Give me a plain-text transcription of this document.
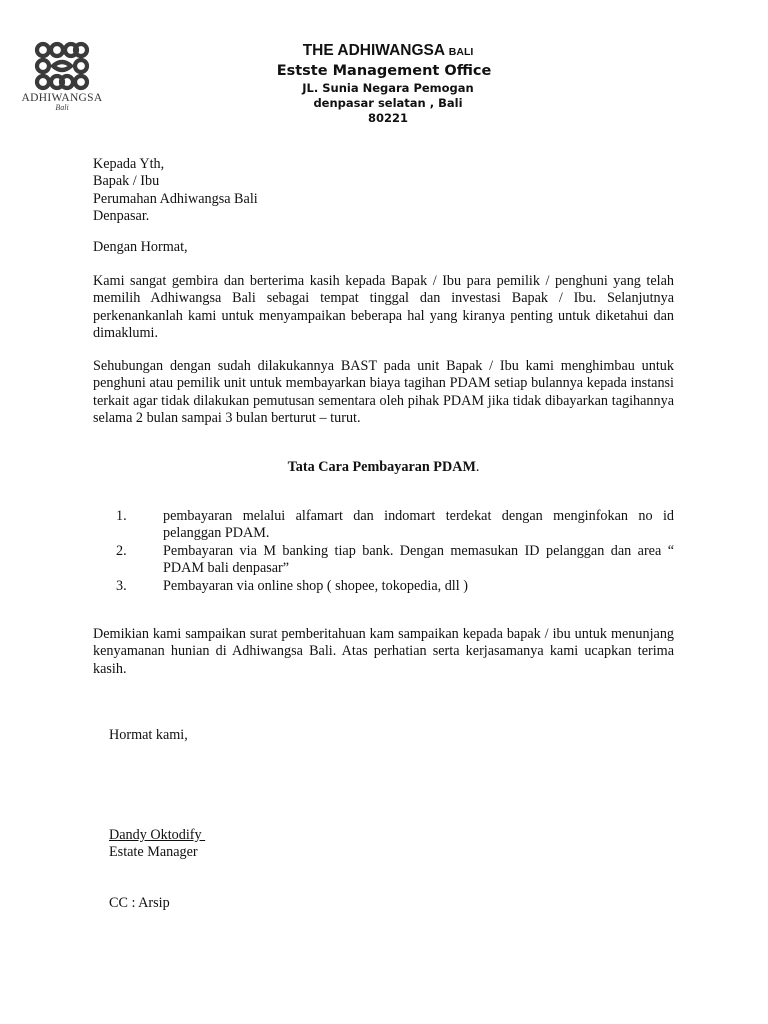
ADHIWANGSA
Bali
THE ADHIWANGSA BALI
Estste Management Office
JL. Sunia Negara Pemogan
denpasar selatan , Bali
80221
Kepada Yth,
Bapak / Ibu
Perumahan Adhiwangsa Bali
Denpasar.
Dengan Hormat,
Kami sangat gembira dan berterima kasih kepada Bapak / Ibu para pemilik / penghuni yang telah memilih Adhiwangsa Bali sebagai tempat tinggal dan investasi Bapak / Ibu. Selanjutnya perkenankanlah kami untuk menyampaikan beberapa hal yang kiranya penting untuk diketahui dan dimaklumi.
Sehubungan dengan sudah dilakukannya BAST pada unit Bapak / Ibu kami menghimbau untuk penghuni atau pemilik unit untuk membayarkan biaya tagihan PDAM setiap bulannya kepada instansi terkait agar tidak dilakukan pemutusan sementara oleh pihak PDAM jika tidak dibayarkan tagihannya selama 2 bulan sampai 3 bulan berturut – turut.
Tata Cara Pembayaran PDAM.
1.	pembayaran melalui alfamart dan indomart terdekat dengan menginfokan no id pelanggan PDAM.
2.	Pembayaran via M banking tiap bank. Dengan memasukan ID pelanggan dan area “ PDAM bali denpasar”
3.	Pembayaran via online shop ( shopee, tokopedia, dll )
Demikian kami sampaikan surat pemberitahuan kam sampaikan kepada bapak / ibu untuk menunjang kenyamanan hunian di Adhiwangsa Bali. Atas perhatian serta kerjasamanya kami ucapkan terima kasih.
Hormat kami,
Dandy Oktodify
Estate Manager
CC : Arsip
